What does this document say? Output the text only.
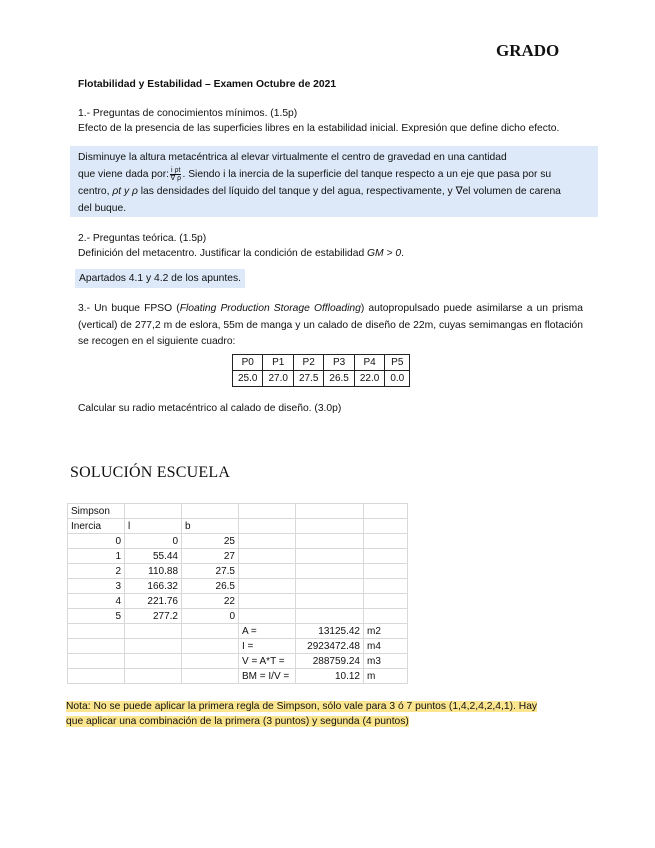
GRADO
Flotabilidad y Estabilidad – Examen Octubre de 2021
1.- Preguntas de conocimientos mínimos. (1.5p)
Efecto de la presencia de las superficies libres en la estabilidad inicial. Expresión que define dicho efecto.
Disminuye la altura metacéntrica al elevar virtualmente el centro de gravedad en una cantidad
que viene dada por: $\frac{\text{i ρt}}{\nabla \rho}$ . Siendo i la inercia de la superficie del tanque respecto a un eje que pasa por su
centro, ρt y ρ las densidades del líquido del tanque y del agua, respectivamente, y ∇el volumen de carena
del buque.
2.- Preguntas teórica. (1.5p)
Definición del metacentro. Justificar la condición de estabilidad GM > 0.
Apartados 4.1 y 4.2 de los apuntes.
3.- Un buque FPSO (Floating Production Storage Offloading) autopropulsado puede asimilarse a un prisma (vertical) de 277,2 m de eslora, 55m de manga y un calado de diseño de 22m, cuyas semimangas en flotación se recogen en el siguiente cuadro:
P0	P1	P2	P3	P4	P5
25.0	27.0	27.5	26.5	22.0	0.0
Calcular su radio metacéntrico al calado de diseño. (3.0p)
SOLUCIÓN ESCUELA
Simpson					
Inercia	l	b			
0	0	25			
1	55.44	27			
2	110.88	27.5			
3	166.32	26.5			
4	221.76	22			
5	277.2	0			
			A =	13125.42	m2
			I =	2923472.48	m4
			V = A*T =	288759.24	m3
			BM = I/V =	10.12	m
Nota: No se puede aplicar la primera regla de Simpson, sólo vale para 3 ó 7 puntos (1,4,2,4,2,4,1). Hay
que aplicar una combinación de la primera (3 puntos) y segunda (4 puntos)
